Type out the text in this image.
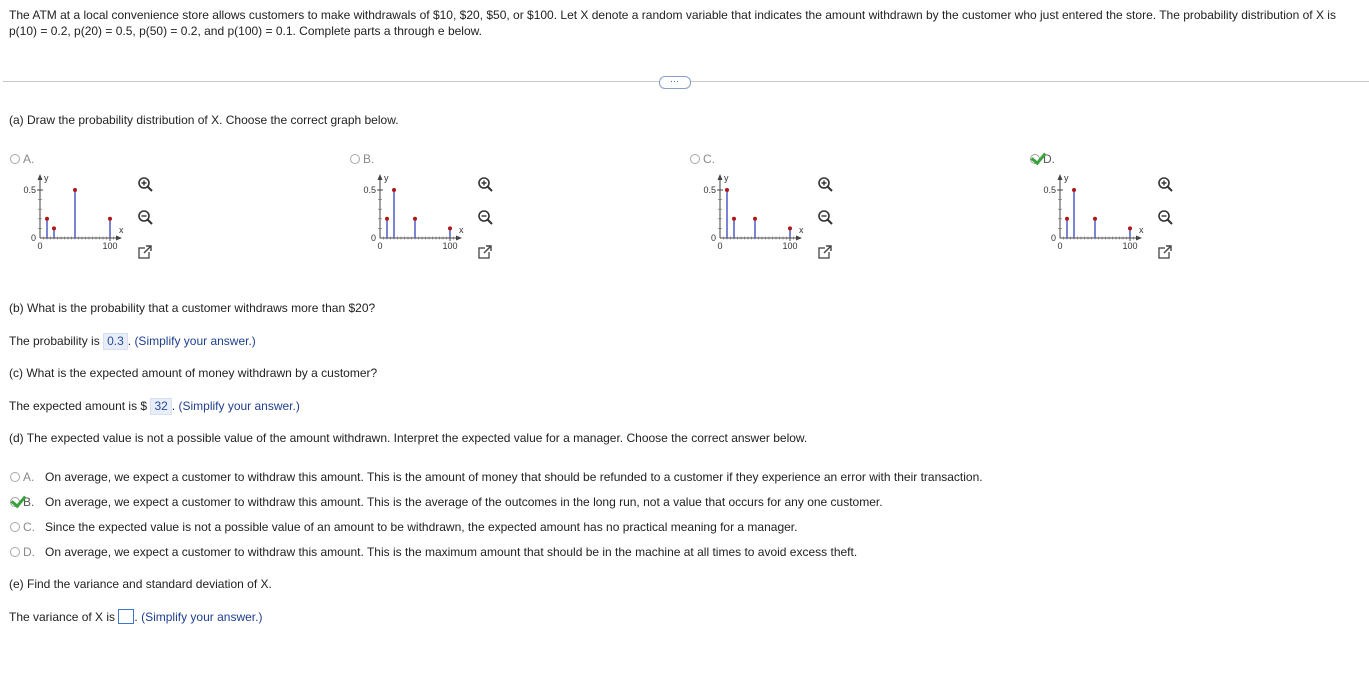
The ATM at a local convenience store allows customers to make withdrawals of $10, $20, $50, or $100. Let X denote a random variable that indicates the amount withdrawn by the customer who just entered the store. The probability distribution of X is p(10) = 0.2, p(20) = 0.5, p(50) = 0.2, and p(100) = 0.1. Complete parts a through e below.
⋯
(a) Draw the probability distribution of X. Choose the correct graph below.
A.
0.5
0
0	100
x
y
B.
0.5
0
0	100
x
y
C.
0.5
0
0	100
x
y
D.
0.5
0
0	100
x
y
(b) What is the probability that a customer withdraws more than $20?
The probability is 0.3 . (Simplify your answer.)
(c) What is the expected amount of money withdrawn by a customer?
The expected amount is $ 32 . (Simplify your answer.)
(d) The expected value is not a possible value of the amount withdrawn. Interpret the expected value for a manager. Choose the correct answer below.
A. On average, we expect a customer to withdraw this amount. This is the amount of money that should be refunded to a customer if they experience an error with their transaction.
B. On average, we expect a customer to withdraw this amount. This is the average of the outcomes in the long run, not a value that occurs for any one customer.
C. Since the expected value is not a possible value of an amount to be withdrawn, the expected amount has no practical meaning for a manager.
D. On average, we expect a customer to withdraw this amount. This is the maximum amount that should be in the machine at all times to avoid excess theft.
(e) Find the variance and standard deviation of X.
The variance of X is . (Simplify your answer.)
